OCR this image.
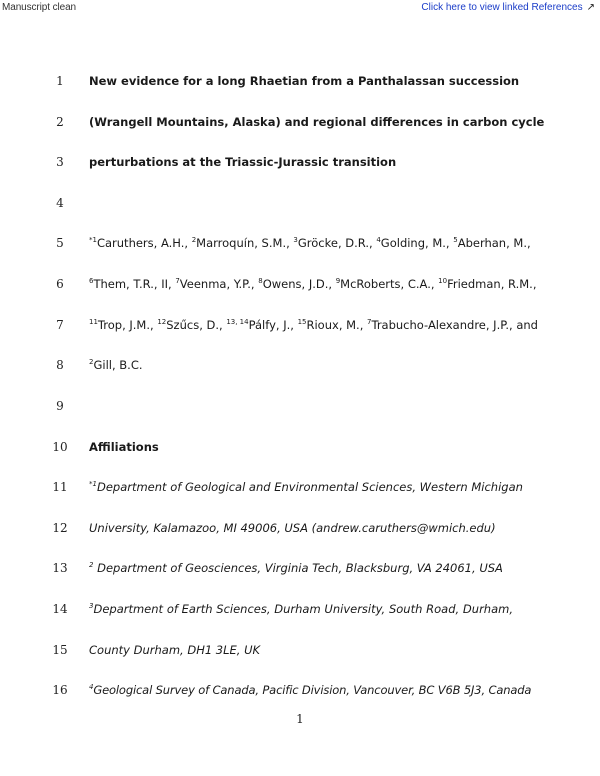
Manuscript clean	Click here to view linked References ↗
1
2
3
4
5
6
7
8
9
10
11
12
13
14
15
16
New evidence for a long Rhaetian from a Panthalassan succession
(Wrangell Mountains, Alaska) and regional differences in carbon cycle
perturbations at the Triassic-Jurassic transition
$^{*1}$Caruthers, A.H., $^2$Marroquín, S.M., $^3$Gröcke, D.R., $^4$Golding, M., $^5$Aberhan, M.,
$^6$Them, T.R., II, $^7$Veenma, Y.P., $^8$Owens, J.D., $^9$McRoberts, C.A., $^{10}$Friedman, R.M.,
$^{11}$Trop, J.M., $^{12}$Szűcs, D., $^{13, 14}$Pálfy, J., $^{15}$Rioux, M., $^7$Trabucho-Alexandre, J.P., and
$^2$Gill, B.C.
Affiliations
$^{*1}$Department of Geological and Environmental Sciences, Western Michigan
University, Kalamazoo, MI 49006, USA (andrew.caruthers@wmich.edu)
$^2$ Department of Geosciences, Virginia Tech, Blacksburg, VA 24061, USA
$^3$Department of Earth Sciences, Durham University, South Road, Durham,
County Durham, DH1 3LE, UK
$^4$Geological Survey of Canada, Pacific Division, Vancouver, BC V6B 5J3, Canada
1
